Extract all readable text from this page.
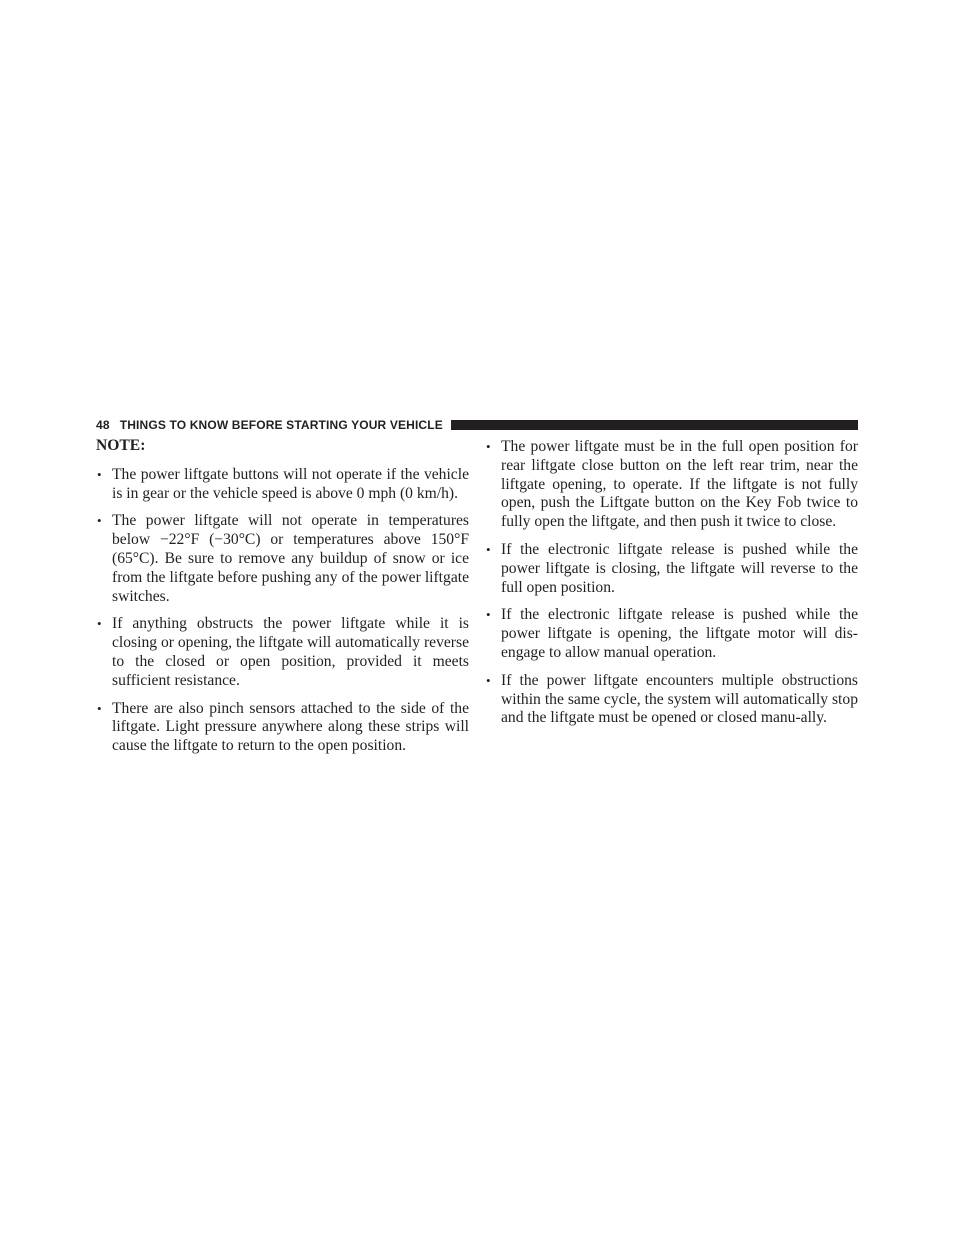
48 THINGS TO KNOW BEFORE STARTING YOUR VEHICLE
NOTE:
• The power liftgate buttons will not operate if the vehicle is in gear or the vehicle speed is above 0 mph (0 km/h).
• The power liftgate will not operate in temperatures below −22°F (−30°C) or temperatures above 150°F (65°C). Be sure to remove any buildup of snow or ice from the liftgate before pushing any of the power liftgate switches.
• If anything obstructs the power liftgate while it is closing or opening, the liftgate will automatically reverse to the closed or open position, provided it meets sufficient resistance.
• There are also pinch sensors attached to the side of the liftgate. Light pressure anywhere along these strips will cause the liftgate to return to the open position.
• The power liftgate must be in the full open position for rear liftgate close button on the left rear trim, near the liftgate opening, to operate. If the liftgate is not fully open, push the Liftgate button on the Key Fob twice to fully open the liftgate, and then push it twice to close.
• If the electronic liftgate release is pushed while the power liftgate is closing, the liftgate will reverse to the full open position.
• If the electronic liftgate release is pushed while the power liftgate is opening, the liftgate motor will dis-engage to allow manual operation.
• If the power liftgate encounters multiple obstructions within the same cycle, the system will automatically stop and the liftgate must be opened or closed manu-ally.
